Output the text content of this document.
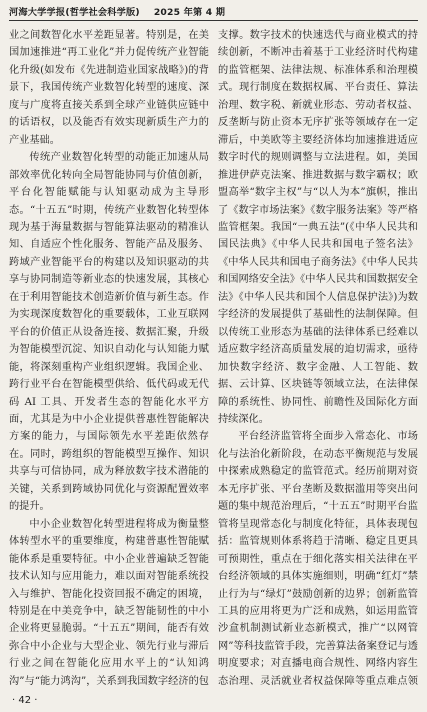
河海大学学报(哲学社会科学版) 2025 年第 4 期

业之间数智化水平差距显著。特别是，在美国加速推进“再工业化”并力促传统产业智能化升级(如发布《先进制造业国家战略》)的背景下，我国传统产业数智化转型的速度、深度与广度将直接关系到全球产业链供应链中的话语权，以及能否有效实现新质生产力的产业基础。

传统产业数智化转型的动能正加速从局部效率优化转向全局智能协同与价值创新，平台化智能赋能与认知驱动成为主导形态。“十五五”时期，传统产业数智化转型体现为基于海量数据与智能算法驱动的精准认知、自适应个性化服务、智能产品及服务、跨域产业智能平台的构建以及知识驱动的共享与协同制造等新业态的快速发展，其核心在于利用智能技术创造新价值与新生态。作为实现深度数智化的重要载体，工业互联网平台的价值正从设备连接、数据汇聚，升级为智能模型沉淀、知识自动化与认知能力赋能，将深刻重构产业组织逻辑。我国企业、跨行业平台在智能模型供给、低代码或无代码 AI 工具、开发者生态的智能化水平方面，尤其是为中小企业提供普惠性智能解决方案的能力，与国际领先水平差距依然存在。同时，跨组织的智能模型互操作、知识共享与可信协同，成为释放数字技术潜能的关键，关系到跨域协同优化与资源配置效率的提升。

中小企业数智化转型进程将成为衡量整体转型水平的重要维度，构建普惠性智能赋能体系是重要特征。中小企业普遍缺乏智能技术认知与应用能力，难以面对智能系统投入与维护、智能化投资回报不确定的困境，特别是在中美竞争中，缺乏智能韧性的中小企业将更显脆弱。“十五五”期间，能否有效弥合中小企业与大型企业、领先行业与滞后行业之间在智能化应用水平上的“认知鸿沟”与“能力鸿沟”，关系到我国数字经济的包

支撑。数字技术的快速迭代与商业模式的持续创新，不断冲击着基于工业经济时代构建的监管框架、法律法规、标准体系和治理模式。现行制度在数据权属、平台责任、算法治理、数字税、新就业形态、劳动者权益、反垄断与防止资本无序扩张等领域存在一定滞后，中美欧等主要经济体均加速推进适应数字时代的规则调整与立法进程。如，美国推进伊萨克法案、推进数据与数字霸权；欧盟高举“数字主权”与“以人为本”旗帜，推出了《数字市场法案》《数字服务法案》等严格监管框架。我国“一典五法”(《中华人民共和国民法典》《中华人民共和国电子签名法》《中华人民共和国电子商务法》《中华人民共和国网络安全法》《中华人民共和国数据安全法》《中华人民共和国个人信息保护法》)为数字经济的发展提供了基础性的法制保障。但以传统工业形态为基础的法律体系已经难以适应数字经济高质量发展的迫切需求，亟待加快数字经济、数字金融、人工智能、数据、云计算、区块链等领域立法，在法律保障的系统性、协同性、前瞻性及国际化方面持续深化。

平台经济监管将全面步入常态化、市场化与法治化新阶段，在动态平衡规范与发展中探索成熟稳定的监管范式。经历前期对资本无序扩张、平台垄断及数据滥用等突出问题的集中规范治理后，“十五五”时期平台监管将呈现常态化与制度化特征，具体表现包括：监管规则体系将趋于清晰、稳定且更具可预期性，重点在于细化落实相关法律在平台经济领域的具体实施细则，明确“红灯”禁止行为与“绿灯”鼓励创新的边界；创新监管工具的应用将更为广泛和成熟，如运用监管沙盒机制测试新业态新模式，推广“以网管网”等科技监管手段，完善算法备案登记与透明度要求；对直播电商合规性、网络内容生态治理、灵活就业者权益保障等重点难点领

· 42 ·
